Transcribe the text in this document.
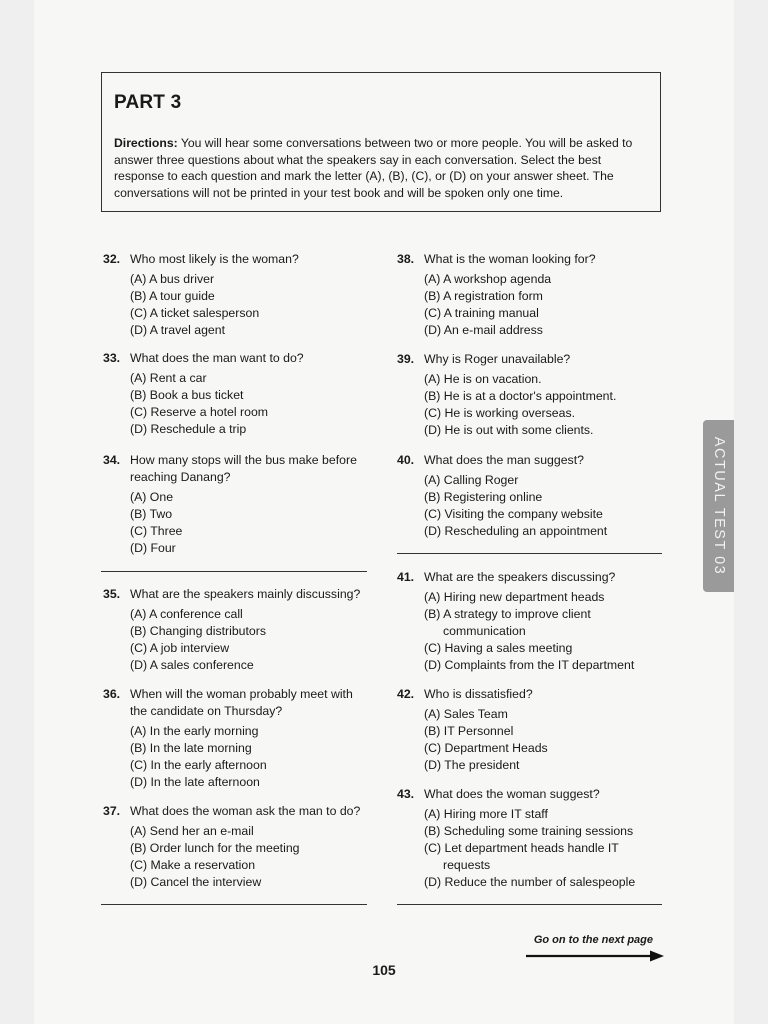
PART 3
Directions: You will hear some conversations between two or more people. You will be asked to answer three questions about what the speakers say in each conversation. Select the best response to each question and mark the letter (A), (B), (C), or (D) on your answer sheet. The conversations will not be printed in your test book and will be spoken only one time.
32. Who most likely is the woman?
(A) A bus driver
(B) A tour guide
(C) A ticket salesperson
(D) A travel agent
33. What does the man want to do?
(A) Rent a car
(B) Book a bus ticket
(C) Reserve a hotel room
(D) Reschedule a trip
34. How many stops will the bus make before reaching Danang?
(A) One
(B) Two
(C) Three
(D) Four
35. What are the speakers mainly discussing?
(A) A conference call
(B) Changing distributors
(C) A job interview
(D) A sales conference
36. When will the woman probably meet with the candidate on Thursday?
(A) In the early morning
(B) In the late morning
(C) In the early afternoon
(D) In the late afternoon
37. What does the woman ask the man to do?
(A) Send her an e-mail
(B) Order lunch for the meeting
(C) Make a reservation
(D) Cancel the interview
38. What is the woman looking for?
(A) A workshop agenda
(B) A registration form
(C) A training manual
(D) An e-mail address
39. Why is Roger unavailable?
(A) He is on vacation.
(B) He is at a doctor's appointment.
(C) He is working overseas.
(D) He is out with some clients.
40. What does the man suggest?
(A) Calling Roger
(B) Registering online
(C) Visiting the company website
(D) Rescheduling an appointment
41. What are the speakers discussing?
(A) Hiring new department heads
(B) A strategy to improve client
communication
(C) Having a sales meeting
(D) Complaints from the IT department
42. Who is dissatisfied?
(A) Sales Team
(B) IT Personnel
(C) Department Heads
(D) The president
43. What does the woman suggest?
(A) Hiring more IT staff
(B) Scheduling some training sessions
(C) Let department heads handle IT
requests
(D) Reduce the number of salespeople
ACTUAL TEST 03
Go on to the next page
105
